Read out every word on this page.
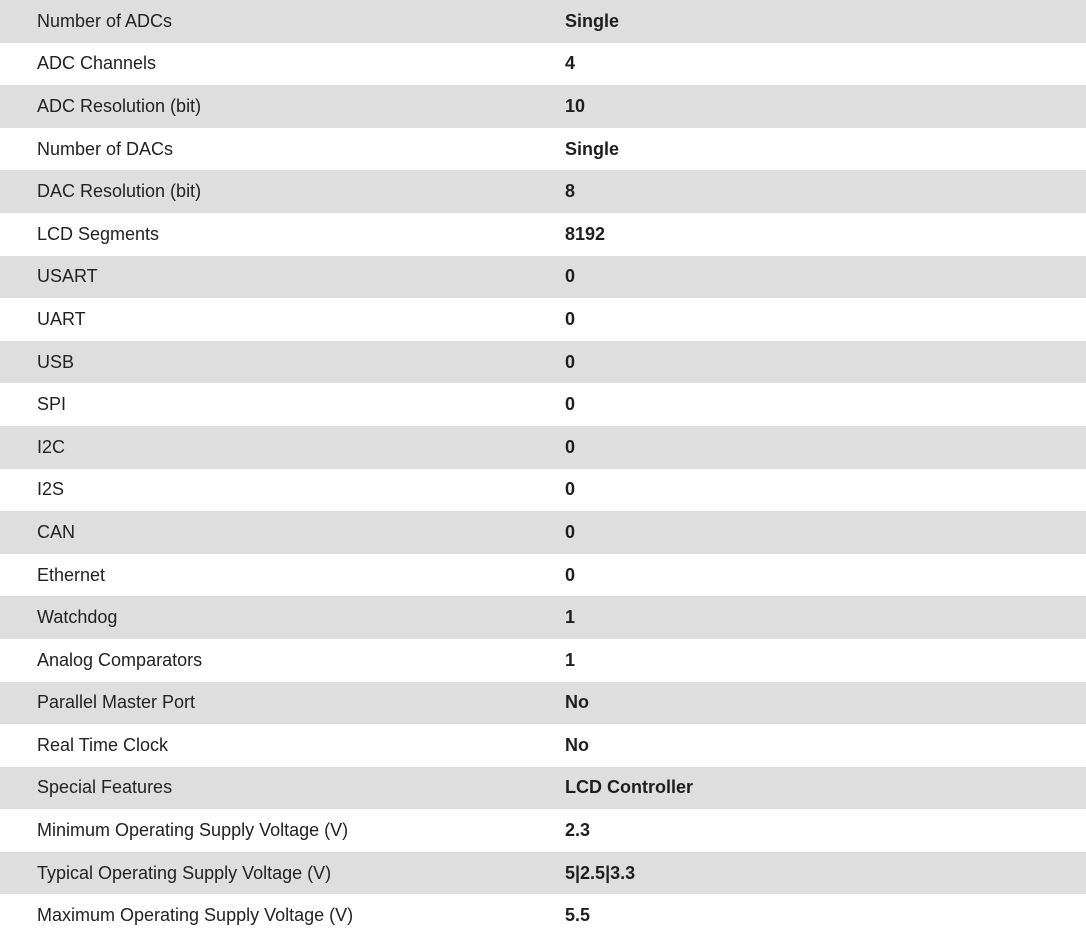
Number of ADCs	Single
ADC Channels	4
ADC Resolution (bit)	10
Number of DACs	Single
DAC Resolution (bit)	8
LCD Segments	8192
USART	0
UART	0
USB	0
SPI	0
I2C	0
I2S	0
CAN	0
Ethernet	0
Watchdog	1
Analog Comparators	1
Parallel Master Port	No
Real Time Clock	No
Special Features	LCD Controller
Minimum Operating Supply Voltage (V)	2.3
Typical Operating Supply Voltage (V)	5|2.5|3.3
Maximum Operating Supply Voltage (V)	5.5
